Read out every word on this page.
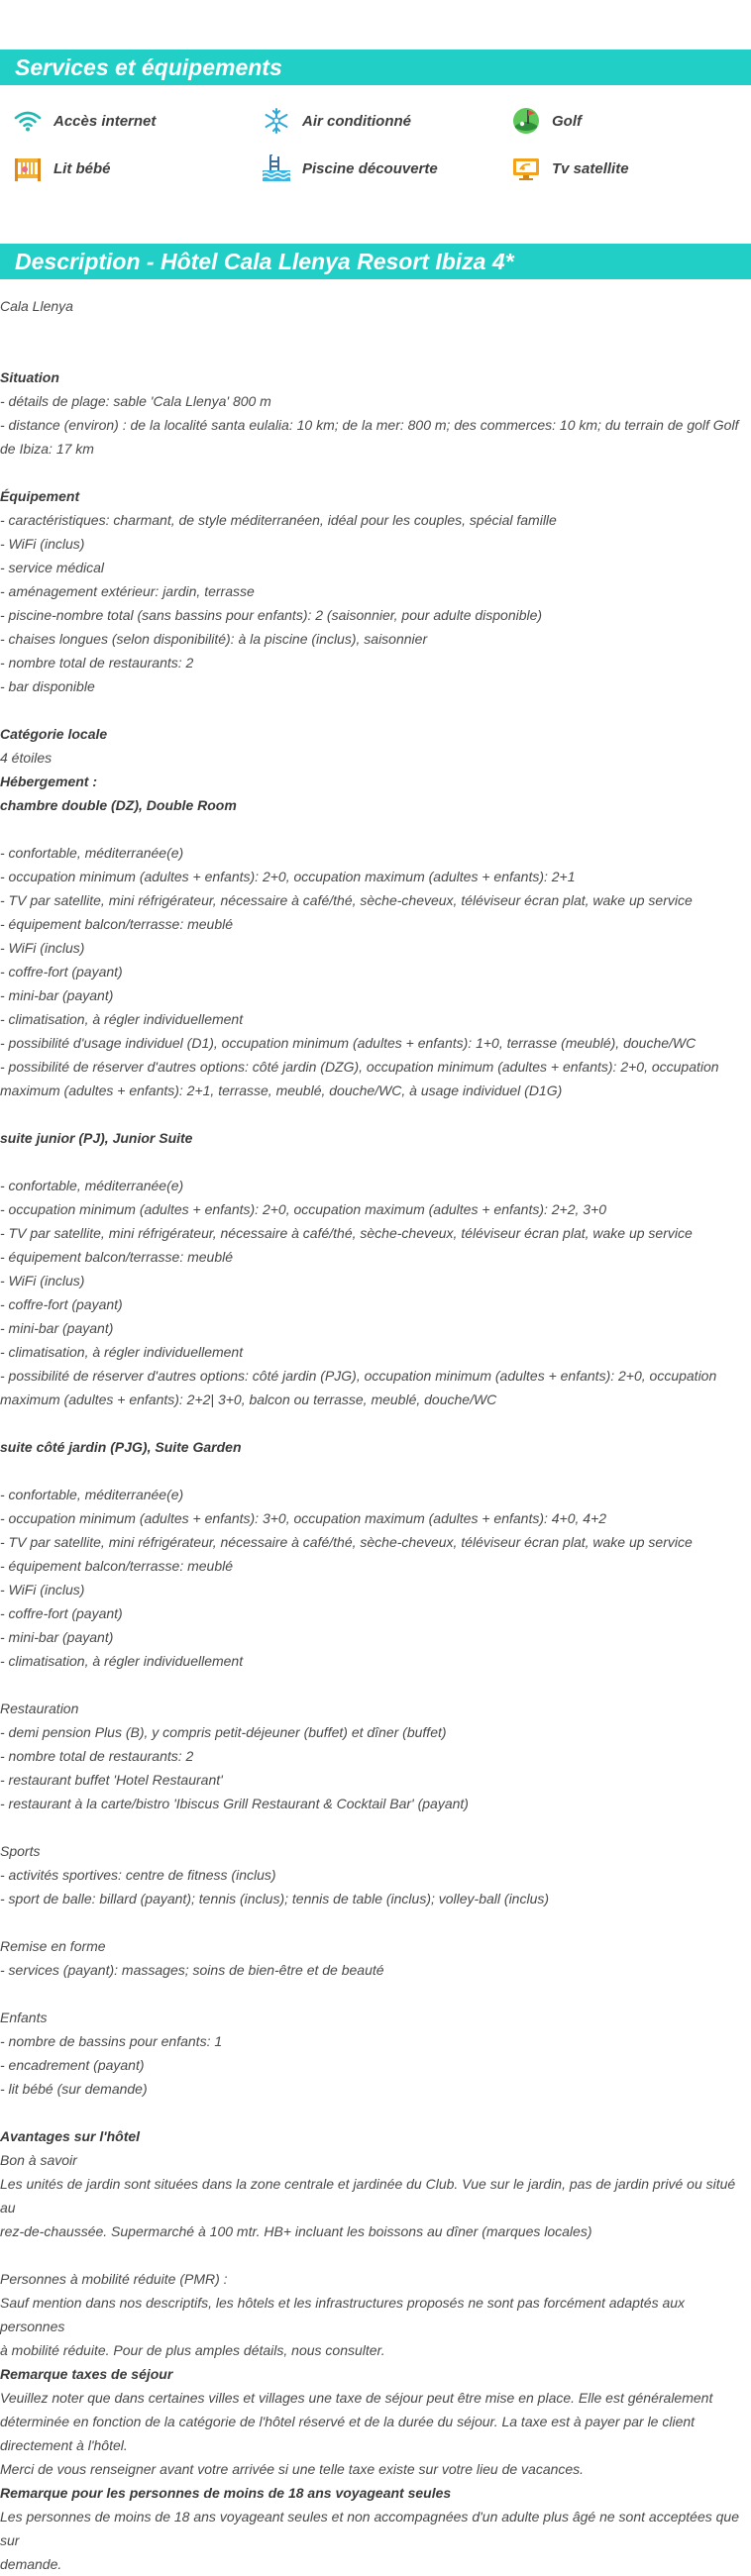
Services et équipements
Accès internet	Air conditionné	Golf
Lit bébé	Piscine découverte	Tv satellite
Description - Hôtel Cala Llenya Resort Ibiza 4*
Cala Llenya
Situation
- détails de plage: sable 'Cala Llenya' 800 m
- distance (environ) : de la localité santa eulalia: 10 km; de la mer: 800 m; des commerces: 10 km; du terrain de golf Golf
de Ibiza: 17 km
Équipement
- caractéristiques: charmant, de style méditerranéen, idéal pour les couples, spécial famille
- WiFi (inclus)
- service médical
- aménagement extérieur: jardin, terrasse
- piscine-nombre total (sans bassins pour enfants): 2 (saisonnier, pour adulte disponible)
- chaises longues (selon disponibilité): à la piscine (inclus), saisonnier
- nombre total de restaurants: 2
- bar disponible
Catégorie locale
4 étoiles
Hébergement :
chambre double (DZ), Double Room
- confortable, méditerranée(e)
- occupation minimum (adultes + enfants): 2+0, occupation maximum (adultes + enfants): 2+1
- TV par satellite, mini réfrigérateur, nécessaire à café/thé, sèche-cheveux, téléviseur écran plat, wake up service
- équipement balcon/terrasse: meublé
- WiFi (inclus)
- coffre-fort (payant)
- mini-bar (payant)
- climatisation, à régler individuellement
- possibilité d'usage individuel (D1), occupation minimum (adultes + enfants): 1+0, terrasse (meublé), douche/WC
- possibilité de réserver d'autres options: côté jardin (DZG), occupation minimum (adultes + enfants): 2+0, occupation
maximum (adultes + enfants): 2+1, terrasse, meublé, douche/WC, à usage individuel (D1G)
suite junior (PJ), Junior Suite
- confortable, méditerranée(e)
- occupation minimum (adultes + enfants): 2+0, occupation maximum (adultes + enfants): 2+2, 3+0
- TV par satellite, mini réfrigérateur, nécessaire à café/thé, sèche-cheveux, téléviseur écran plat, wake up service
- équipement balcon/terrasse: meublé
- WiFi (inclus)
- coffre-fort (payant)
- mini-bar (payant)
- climatisation, à régler individuellement
- possibilité de réserver d'autres options: côté jardin (PJG), occupation minimum (adultes + enfants): 2+0, occupation
maximum (adultes + enfants): 2+2| 3+0, balcon ou terrasse, meublé, douche/WC
suite côté jardin (PJG), Suite Garden
- confortable, méditerranée(e)
- occupation minimum (adultes + enfants): 3+0, occupation maximum (adultes + enfants): 4+0, 4+2
- TV par satellite, mini réfrigérateur, nécessaire à café/thé, sèche-cheveux, téléviseur écran plat, wake up service
- équipement balcon/terrasse: meublé
- WiFi (inclus)
- coffre-fort (payant)
- mini-bar (payant)
- climatisation, à régler individuellement
Restauration
- demi pension Plus (B), y compris petit-déjeuner (buffet) et dîner (buffet)
- nombre total de restaurants: 2
- restaurant buffet 'Hotel Restaurant'
- restaurant à la carte/bistro 'Ibiscus Grill Restaurant & Cocktail Bar' (payant)
Sports
- activités sportives: centre de fitness (inclus)
- sport de balle: billard (payant); tennis (inclus); tennis de table (inclus); volley-ball (inclus)
Remise en forme
- services (payant): massages; soins de bien-être et de beauté
Enfants
- nombre de bassins pour enfants: 1
- encadrement (payant)
- lit bébé (sur demande)
Avantages sur l'hôtel
Bon à savoir
Les unités de jardin sont situées dans la zone centrale et jardinée du Club. Vue sur le jardin, pas de jardin privé ou situé au
rez-de-chaussée. Supermarché à 100 mtr. HB+ incluant les boissons au dîner (marques locales)
Personnes à mobilité réduite (PMR) :
Sauf mention dans nos descriptifs, les hôtels et les infrastructures proposés ne sont pas forcément adaptés aux personnes
à mobilité réduite. Pour de plus amples détails, nous consulter.
Remarque taxes de séjour
Veuillez noter que dans certaines villes et villages une taxe de séjour peut être mise en place. Elle est généralement
déterminée en fonction de la catégorie de l'hôtel réservé et de la durée du séjour. La taxe est à payer par le client
directement à l'hôtel.
Merci de vous renseigner avant votre arrivée si une telle taxe existe sur votre lieu de vacances.
Remarque pour les personnes de moins de 18 ans voyageant seules
Les personnes de moins de 18 ans voyageant seules et non accompagnées d'un adulte plus âgé ne sont acceptées que sur
demande.
